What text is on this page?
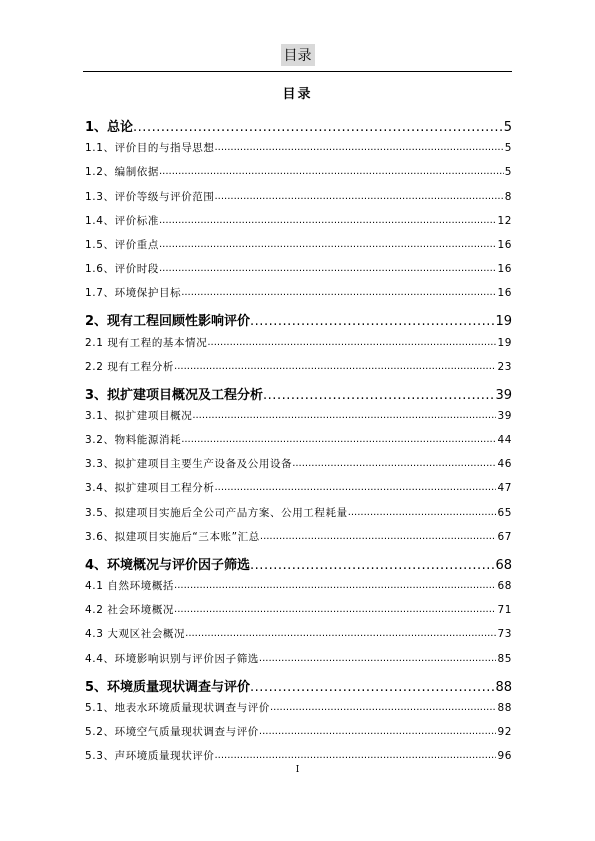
目录
目录
1、总论 .....	5
1.1、评价目的与指导思想 .....	5
1.2、编制依据 .....	5
1.3、评价等级与评价范围 .....	8
1.4、评价标准 .....	12
1.5、评价重点 .....	16
1.6、评价时段 .....	16
1.7、环境保护目标 .....	16
2、现有工程回顾性影响评价 .....	19
2.1 现有工程的基本情况 .....	19
2.2 现有工程分析 .....	23
3、拟扩建项目概况及工程分析 .....	39
3.1、拟扩建项目概况 .....	39
3.2、物料能源消耗 .....	44
3.3、拟扩建项目主要生产设备及公用设备 .....	46
3.4、拟扩建项目工程分析 .....	47
3.5、拟建项目实施后全公司产品方案、公用工程耗量 .....	65
3.6、拟建项目实施后“三本账”汇总 .....	67
4、环境概况与评价因子筛选 .....	68
4.1 自然环境概括 .....	68
4.2 社会环境概况 .....	71
4.3 大观区社会概况 .....	73
4.4、环境影响识别与评价因子筛选 .....	85
5、环境质量现状调查与评价 .....	88
5.1、地表水环境质量现状调查与评价 .....	88
5.2、环境空气质量现状调查与评价 .....	92
5.3、声环境质量现状评价 .....	96
I
